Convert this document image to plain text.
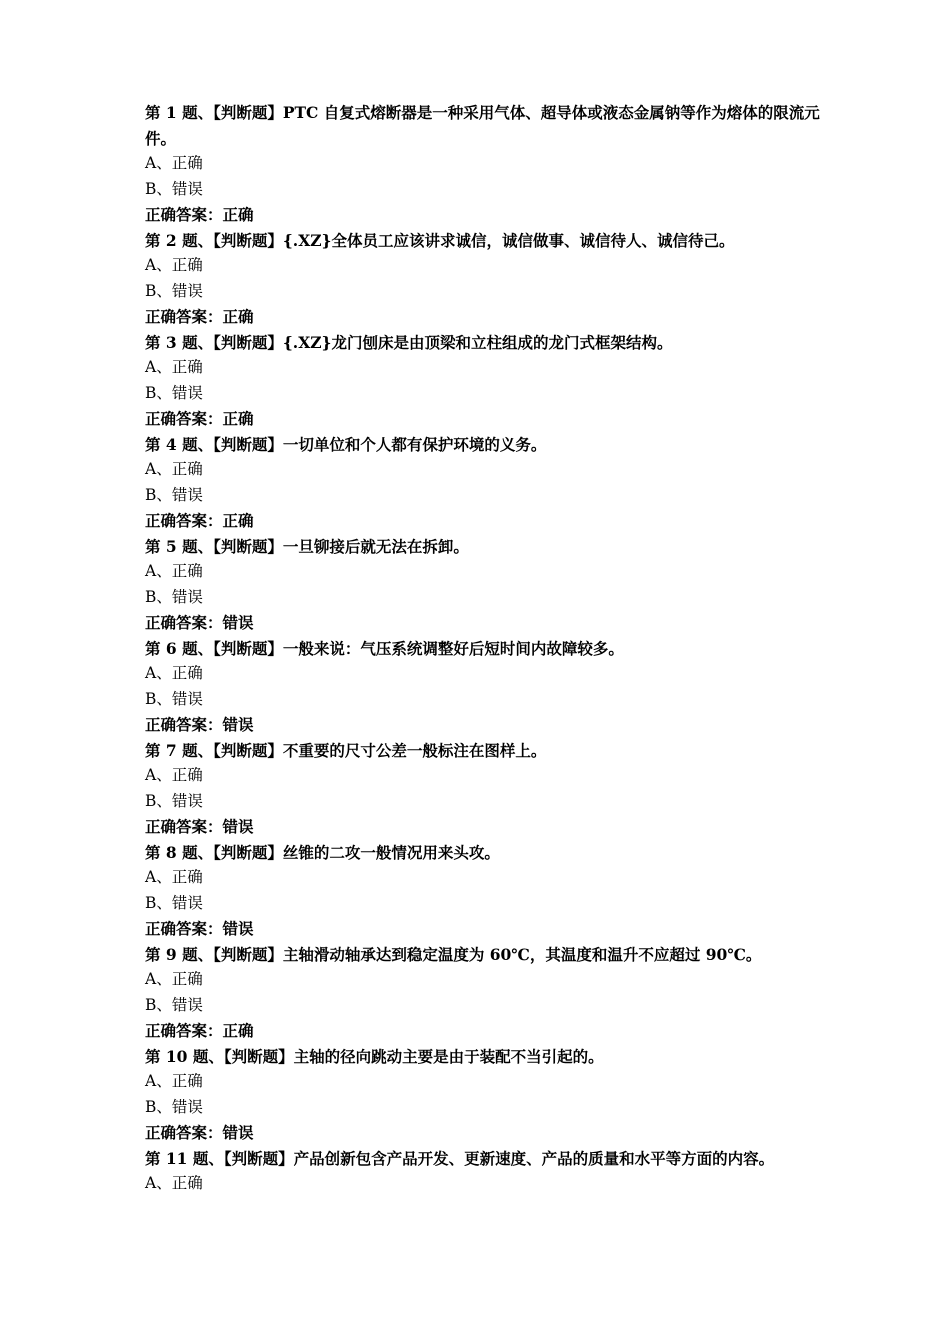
第 1 题、【判断题】PTC 自复式熔断器是一种采用气体、超导体或液态金属钠等作为熔体的限流元件。

A、正确

B、错误

正确答案：正确

第 2 题、【判断题】{.XZ}全体员工应该讲求诚信，诚信做事、诚信待人、诚信待己。

A、正确

B、错误

正确答案：正确

第 3 题、【判断题】{.XZ}龙门刨床是由顶梁和立柱组成的龙门式框架结构。

A、正确

B、错误

正确答案：正确

第 4 题、【判断题】一切单位和个人都有保护环境的义务。

A、正确

B、错误

正确答案：正确

第 5 题、【判断题】一旦铆接后就无法在拆卸。

A、正确

B、错误

正确答案：错误

第 6 题、【判断题】一般来说：气压系统调整好后短时间内故障较多。

A、正确

B、错误

正确答案：错误

第 7 题、【判断题】不重要的尺寸公差一般标注在图样上。

A、正确

B、错误

正确答案：错误

第 8 题、【判断题】丝锥的二攻一般情况用来头攻。

A、正确

B、错误

正确答案：错误

第 9 题、【判断题】主轴滑动轴承达到稳定温度为 60℃，其温度和温升不应超过 90℃。

A、正确

B、错误

正确答案：正确

第 10 题、【判断题】主轴的径向跳动主要是由于装配不当引起的。

A、正确

B、错误

正确答案：错误

第 11 题、【判断题】产品创新包含产品开发、更新速度、产品的质量和水平等方面的内容。

A、正确
